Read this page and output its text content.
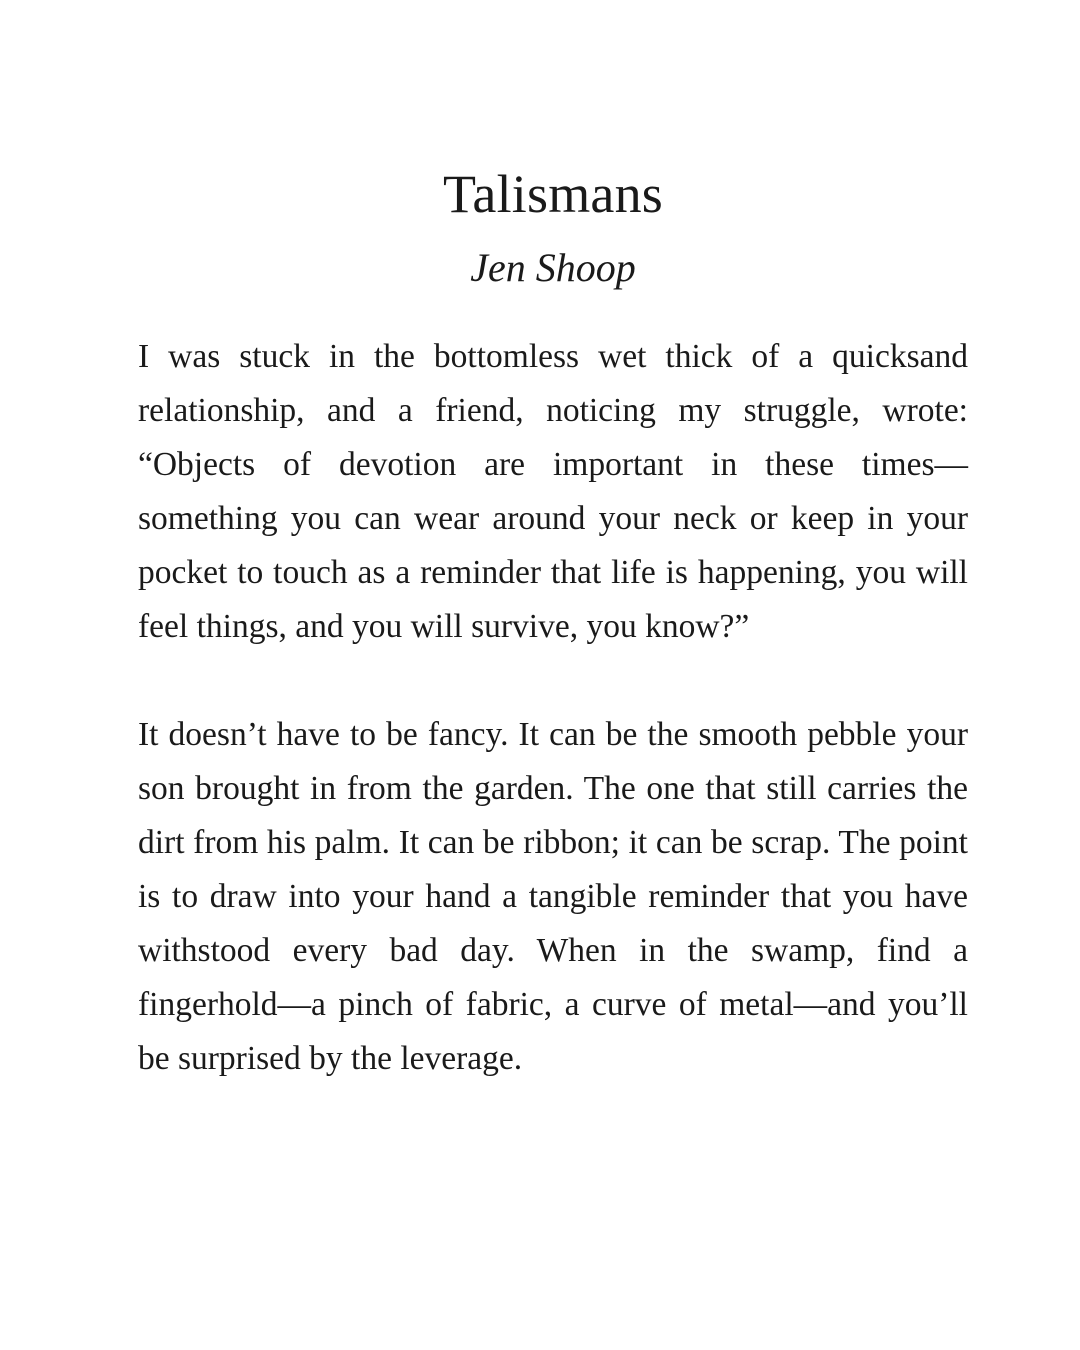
Talismans
Jen Shoop

I was stuck in the bottomless wet thick of a quicksand relationship, and a friend, noticing my struggle, wrote: “Objects of devotion are important in these times—something you can wear around your neck or keep in your pocket to touch as a reminder that life is happening, you will feel things, and you will survive, you know?”

It doesn’t have to be fancy. It can be the smooth pebble your son brought in from the garden. The one that still carries the dirt from his palm. It can be ribbon; it can be scrap. The point is to draw into your hand a tangible reminder that you have withstood every bad day. When in the swamp, find a fingerhold—a pinch of fabric, a curve of metal—and you’ll be surprised by the leverage.
